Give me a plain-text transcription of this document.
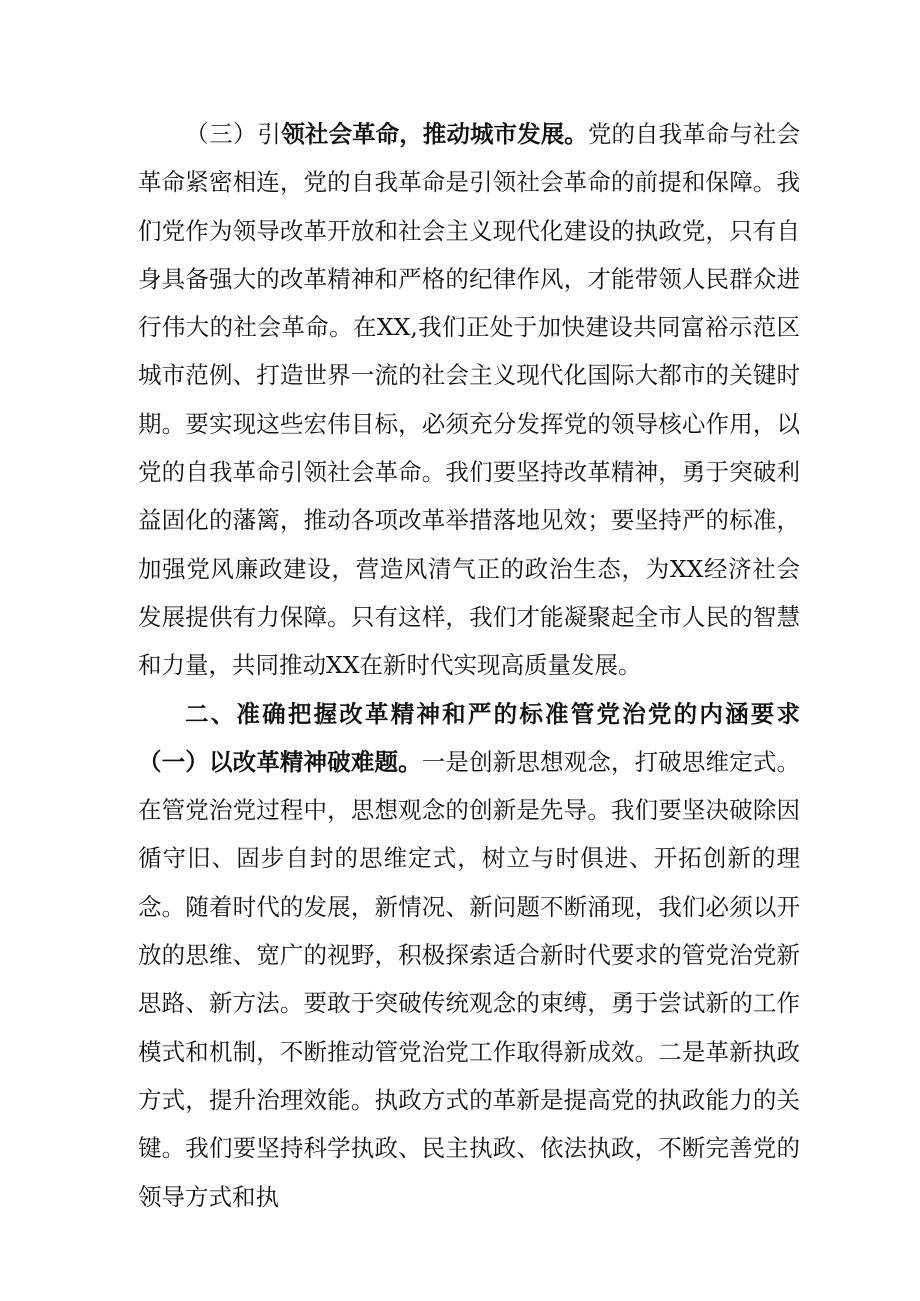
（三）引领社会革命，推动城市发展。党的自我革命与社会革命紧密相连，党的自我革命是引领社会革命的前提和保障。我们党作为领导改革开放和社会主义现代化建设的执政党，只有自身具备强大的改革精神和严格的纪律作风，才能带领人民群众进行伟大的社会革命。在XX,我们正处于加快建设共同富裕示范区城市范例、打造世界一流的社会主义现代化国际大都市的关键时期。要实现这些宏伟目标，必须充分发挥党的领导核心作用，以党的自我革命引领社会革命。我们要坚持改革精神，勇于突破利益固化的藩篱，推动各项改革举措落地见效；要坚持严的标准，加强党风廉政建设，营造风清气正的政治生态，为XX经济社会发展提供有力保障。只有这样，我们才能凝聚起全市人民的智慧和力量，共同推动XX在新时代实现高质量发展。

二、准确把握改革精神和严的标准管党治党的内涵要求（一）以改革精神破难题。一是创新思想观念，打破思维定式。在管党治党过程中，思想观念的创新是先导。我们要坚决破除因循守旧、固步自封的思维定式，树立与时俱进、开拓创新的理念。随着时代的发展，新情况、新问题不断涌现，我们必须以开放的思维、宽广的视野，积极探索适合新时代要求的管党治党新思路、新方法。要敢于突破传统观念的束缚，勇于尝试新的工作模式和机制，不断推动管党治党工作取得新成效。二是革新执政方式，提升治理效能。执政方式的革新是提高党的执政能力的关键。我们要坚持科学执政、民主执政、依法执政，不断完善党的领导方式和执
